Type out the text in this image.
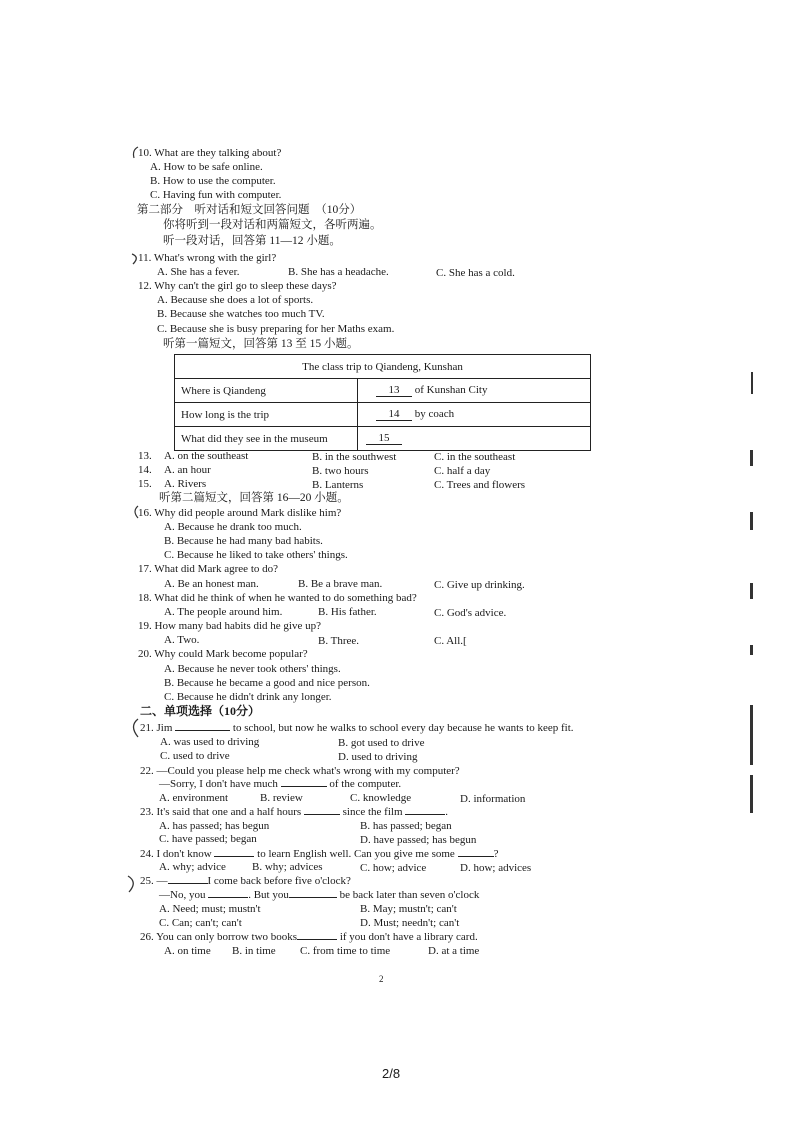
10. What are they talking about?
A. How to be safe online.
B. How to use the computer.
C. Having fun with computer.
第二部分　听对话和短文回答问题　（10分）
你将听到一段对话和两篇短文，各听两遍。
听一段对话，回答第 11—12 小题。
11. What's wrong with the girl?
A. She has a fever.	B. She has a headache.	C. She has a cold.
12. Why can't the girl go to sleep these days?
A. Because she does a lot of sports.
B. Because she watches too much TV.
C. Because she is busy preparing for her Maths exam.
听第一篇短文，回答第 13 至 15 小题。
The class trip to Qiandeng, Kunshan	
Where is Qiandeng	13 of Kunshan City
How long is the trip	14 by coach
What did they see in the museum	15
13. A. on the southeast	B. in the southwest	C. in the southeast
14. A. an hour	B. two hours	C. half a day
15. A. Rivers	B. Lanterns	C. Trees and flowers
听第二篇短文，回答第 16—20 小题。
16. Why did people around Mark dislike him?
A. Because he drank too much.
B. Because he had many bad habits.
C. Because he liked to take others' things.
17. What did Mark agree to do?
A. Be an honest man.	B. Be a brave man.	C. Give up drinking.
18. What did he think of when he wanted to do something bad?
A. The people around him.	B. His father.	C. God's advice.
19. How many bad habits did he give up?
A. Two.	B. Three.	C. All.[
20. Why could Mark become popular?
A. Because he never took others' things.
B. Because he became a good and nice person.
C. Because he didn't drink any longer.
二、单项选择（10分）
21. Jim	to school, but now he walks to school every day because he wants to keep fit.
A. was used to driving	B. got used to drive
C. used to drive	D. used to driving
22. —Could you please help me check what's wrong with my computer?
—Sorry, I don't have much	of the computer.
A. environment	B. review	C. knowledge	D. information
23. It's said that one and a half hours	since the film	.
A. has passed; has begun	B. has passed; began
C. have passed; began	D. have passed; has begun
24. I don't know	to learn English well. Can you give me some	?
A. why; advice B. why; advices	C. how; advice	D. how; advices
25. —	I come back before five o'clock?
—No, you	. But you	be back later than seven o'clock
A. Need; must; mustn't	B. May; mustn't; can't
C. Can; can't; can't	D. Must; needn't; can't
26. You can only borrow two books	if you don't have a library card.
A. on time B. in time C. from time to time	D. at a time
2
2/8
